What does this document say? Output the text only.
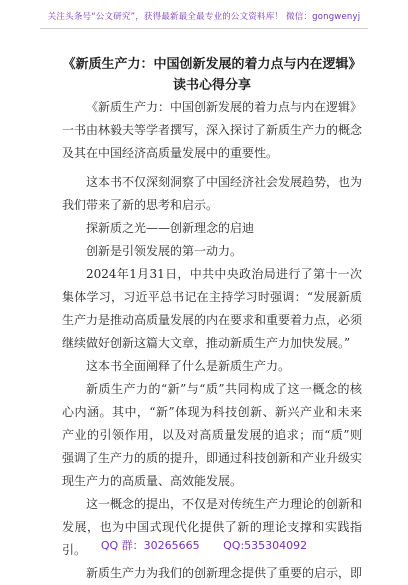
关注头条号“公文研究”，获得最新最全最专业的公文资料库！ 微信：gongwenyj
《新质生产力：中国创新发展的着力点与内在逻辑》读书心得分享

《新质生产力：中国创新发展的着力点与内在逻辑》一书由林毅夫等学者撰写，深入探讨了新质生产力的概念及其在中国经济高质量发展中的重要性。

这本书不仅深刻洞察了中国经济社会发展趋势，也为我们带来了新的思考和启示。

探新质之光——创新理念的启迪

创新是引领发展的第一动力。

2024年1月31日，中共中央政治局进行了第十一次集体学习，习近平总书记在主持学习时强调：“发展新质生产力是推动高质量发展的内在要求和重要着力点，必须继续做好创新这篇大文章，推动新质生产力加快发展。”

这本书全面阐释了什么是新质生产力。

新质生产力的“新”与“质”共同构成了这一概念的核心内涵。其中，“新”体现为科技创新、新兴产业和未来产业的引领作用，以及对高质量发展的追求；而“质”则强调了生产力的质的提升，即通过科技创新和产业升级实现生产力的高质量、高效能发展。

这一概念的提出，不仅是对传统生产力理论的创新和发展，也为中国式现代化提供了新的理论支撑和实践指引。

新质生产力为我们的创新理念提供了重要的启示，即

QQ 群：30265665 QQ:535304092
